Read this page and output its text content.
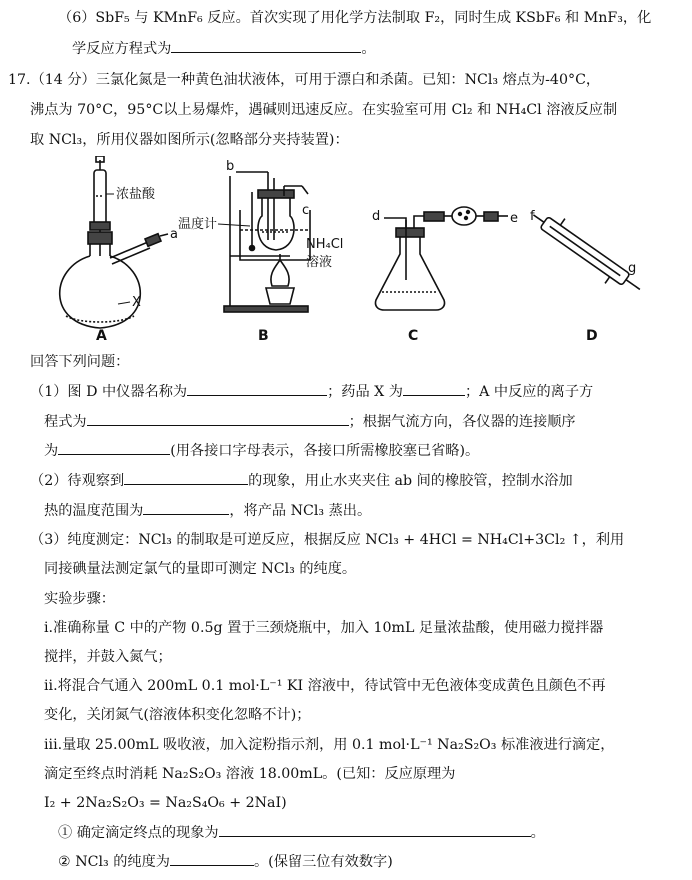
（6）SbF₅ 与 KMnF₆ 反应。首次实现了用化学方法制取 F₂，同时生成 KSbF₆ 和 MnF₃，化
学反应方程式为	。
17.（14 分）三氯化氮是一种黄色油状液体，可用于漂白和杀菌。已知：NCl₃ 熔点为-40°C，
沸点为 70°C，95°C以上易爆炸，遇碱则迅速反应。在实验室可用 Cl₂ 和 NH₄Cl 溶液反应制
取 NCl₃，所用仪器如图所示(忽略部分夹持装置)：
浓盐酸
a
X
A
b
c
温度计
NH₄Cl
溶液
B
d	e
C
f
g
D
回答下列问题：
（1）图 D 中仪器名称为	；药品 X 为	；A 中反应的离子方
程式为	；根据气流方向，各仪器的连接顺序
为	(用各接口字母表示，各接口所需橡胶塞已省略)。
（2）待观察到	的现象，用止水夹夹住 ab 间的橡胶管，控制水浴加
热的温度范围为	，将产品 NCl₃ 蒸出。
（3）纯度测定：NCl₃ 的制取是可逆反应，根据反应 NCl₃ + 4HCl = NH₄Cl+3Cl₂ ↑，利用
同接碘量法测定氯气的量即可测定 NCl₃ 的纯度。
实验步骤：
i.准确称量 C 中的产物 0.5g 置于三颈烧瓶中，加入 10mL 足量浓盐酸，使用磁力搅拌器
搅拌，并鼓入氮气；
ii.将混合气通入 200mL 0.1 mol·L⁻¹ KI 溶液中，待试管中无色液体变成黄色且颜色不再
变化，关闭氮气(溶液体积变化忽略不计)；
iii.量取 25.00mL 吸收液，加入淀粉指示剂，用 0.1 mol·L⁻¹ Na₂S₂O₃ 标准液进行滴定，
滴定至终点时消耗 Na₂S₂O₃ 溶液 18.00mL。(已知：反应原理为
I₂ + 2Na₂S₂O₃ = Na₂S₄O₆ + 2NaI)
① 确定滴定终点的现象为	。
② NCl₃ 的纯度为	。(保留三位有效数字)
